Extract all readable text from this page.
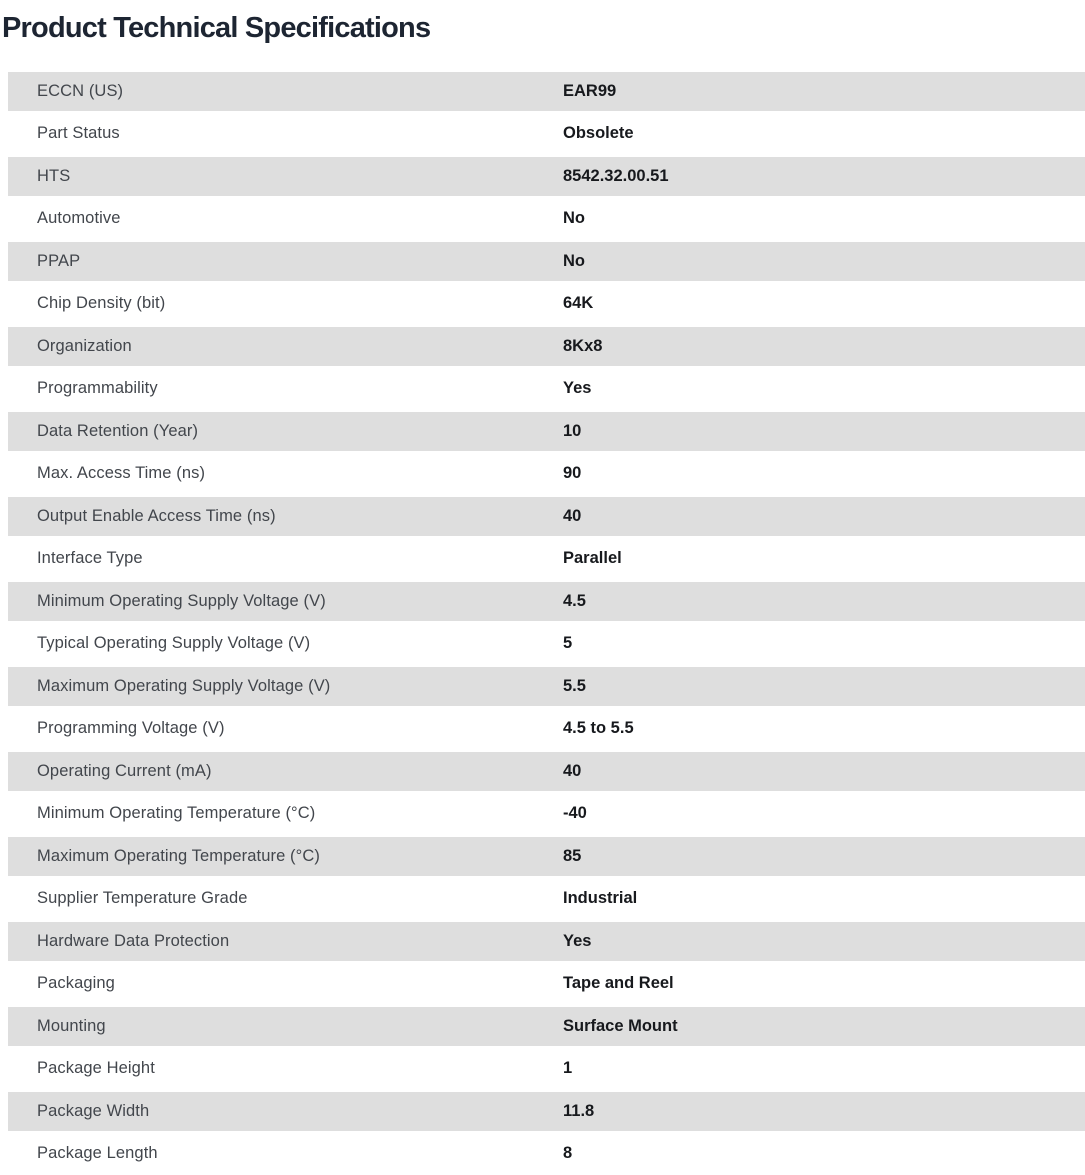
Product Technical Specifications
ECCN (US)	EAR99
Part Status	Obsolete
HTS	8542.32.00.51
Automotive	No
PPAP	No
Chip Density (bit)	64K
Organization	8Kx8
Programmability	Yes
Data Retention (Year)	10
Max. Access Time (ns)	90
Output Enable Access Time (ns)	40
Interface Type	Parallel
Minimum Operating Supply Voltage (V)	4.5
Typical Operating Supply Voltage (V)	5
Maximum Operating Supply Voltage (V)	5.5
Programming Voltage (V)	4.5 to 5.5
Operating Current (mA)	40
Minimum Operating Temperature (°C)	-40
Maximum Operating Temperature (°C)	85
Supplier Temperature Grade	Industrial
Hardware Data Protection	Yes
Packaging	Tape and Reel
Mounting	Surface Mount
Package Height	1
Package Width	11.8
Package Length	8
